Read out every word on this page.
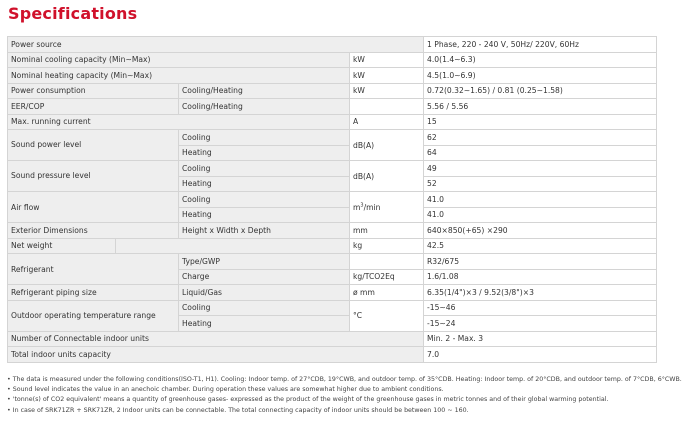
Specifications
Power source				1 Phase, 220 - 240 V, 50Hz/ 220V, 60Hz
Nominal cooling capacity (Min~Max)			kW	4.0(1.4~6.3)
Nominal heating capacity (Min~Max)			kW	4.5(1.0~6.9)
Power consumption		Cooling/Heating	kW	0.72(0.32~1.65) / 0.81 (0.25~1.58)
EER/COP		Cooling/Heating		5.56 / 5.56
Max. running current			A	15
Sound power level		Cooling	dB(A)	62
		Heating		64
Sound pressure level		Cooling	dB(A)	49
		Heating		52
Air flow		Cooling	$m^3/\min$	41.0
		Heating		41.0
Exterior Dimensions		Height x Width x Depth	mm	640×850(+65) ×290
Net weight			kg	42.5
Refrigerant		Type/GWP		R32/675
		Charge	kg/TCO2Eq	1.6/1.08
Refrigerant piping size		Liquid/Gas	ø mm	6.35(1/4")×3 / 9.52(3/8")×3
Outdoor operating temperature range		Cooling	°C	-15~46
		Heating		-15~24
Number of Connectable indoor units				Min. 2 - Max. 3
Total indoor units capacity				7.0
• The data is measured under the following conditions(ISO-T1, H1). Cooling: Indoor temp. of 27°CDB, 19°CWB, and outdoor temp. of 35°CDB. Heating: Indoor temp. of 20°CDB, and outdoor temp. of 7°CDB, 6°CWB.
• Sound level indicates the value in an anechoic chamber. During operation these values are somewhat higher due to ambient conditions.
• 'tonne(s) of CO2 equivalent' means a quantity of greenhouse gases- expressed as the product of the weight of the greenhouse gases in metric tonnes and of their global warming potential.
• In case of SRK71ZR + SRK71ZR, 2 Indoor units can be connectable. The total connecting capacity of indoor units should be between 100 ~ 160.
